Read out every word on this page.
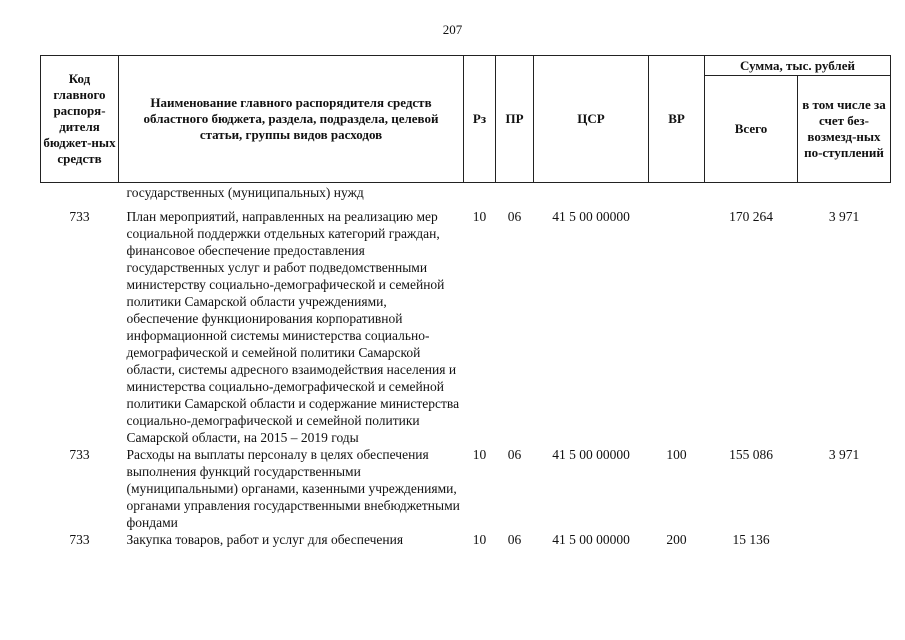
207
Код главного распоря-дителя бюджет-ных средств	Наименование главного распорядителя средств областного бюджета, раздела, подраздела, целевой статьи, группы видов расходов	Рз	ПР	ЦСР	ВР	Сумма, тыс. рублей	
						Всего	в том числе за счет без-возмезд-ных по-ступлений
	государственных (муниципальных) нужд						
733	План мероприятий, направленных на реализацию мер социальной поддержки отдельных категорий граждан, финансовое обеспечение предоставления государственных услуг и работ подведомственными министерству социально-демографической и семейной политики Самарской области учреждениями, обеспечение функционирования корпоративной информационной системы министерства социально-демографической и семейной политики Самарской области, системы адресного взаимодействия населения и министерства социально-демографической и семейной политики Самарской области и содержание министерства социально-демографической и семейной политики Самарской области, на 2015 – 2019 годы	10	06	41 5 00 00000		170 264	3 971
733	Расходы на выплаты персоналу в целях обеспечения выполнения функций государственными (муниципальными) органами, казенными учреждениями, органами управления государственными внебюджетными фондами	10	06	41 5 00 00000	100	155 086	3 971
733	Закупка товаров, работ и услуг для обеспечения	10	06	41 5 00 00000	200	15 136	
